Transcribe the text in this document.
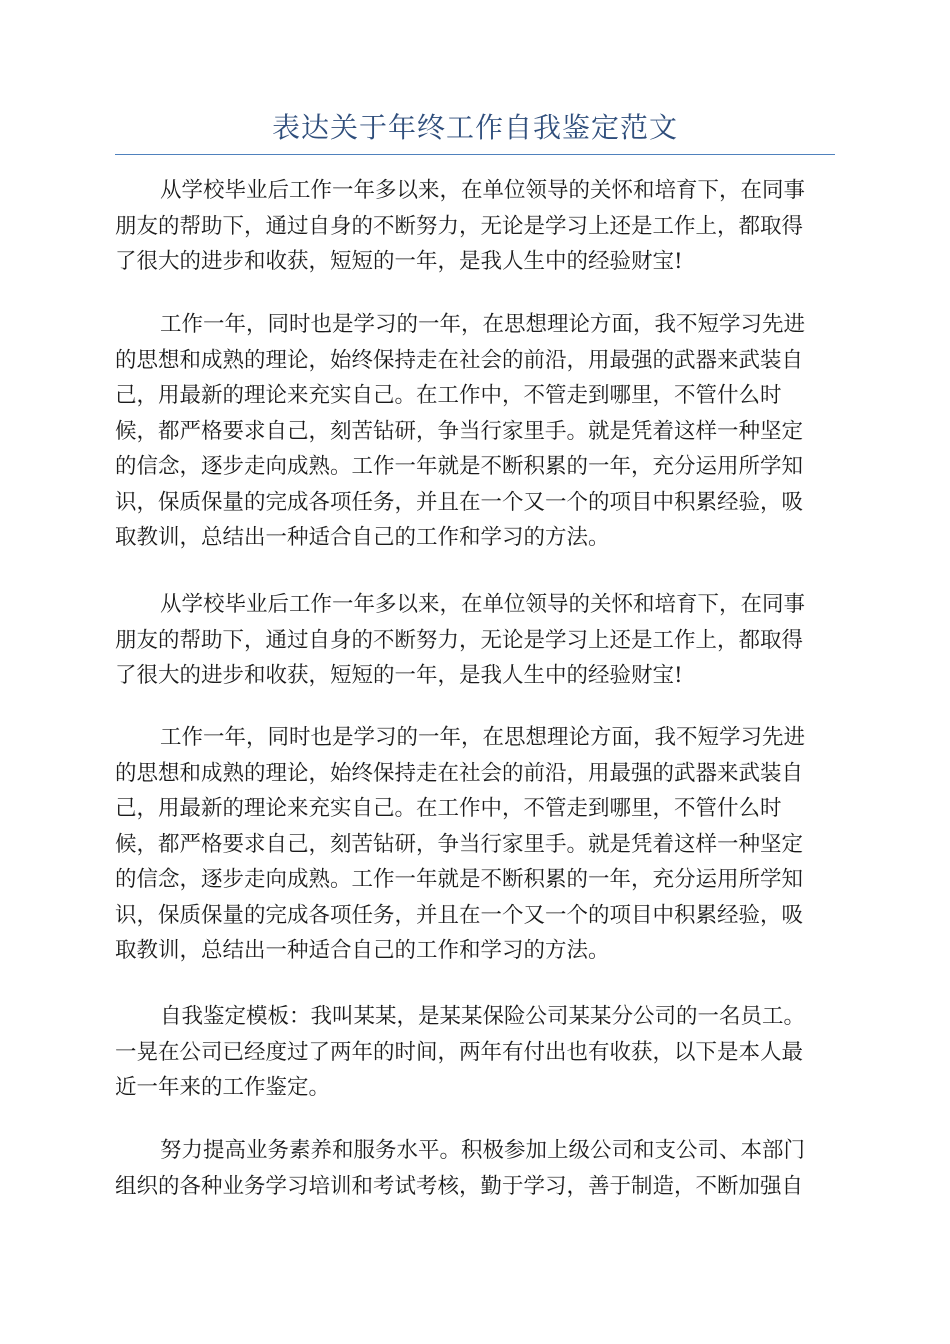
表达关于年终工作自我鉴定范文

从学校毕业后工作一年多以来，在单位领导的关怀和培育下，在同事
朋友的帮助下，通过自身的不断努力，无论是学习上还是工作上，都取得
了很大的进步和收获，短短的一年，是我人生中的经验财宝!

工作一年，同时也是学习的一年，在思想理论方面，我不短学习先进
的思想和成熟的理论，始终保持走在社会的前沿，用最强的武器来武装自
己，用最新的理论来充实自己。在工作中，不管走到哪里，不管什么时
候，都严格要求自己，刻苦钻研，争当行家里手。就是凭着这样一种坚定
的信念，逐步走向成熟。工作一年就是不断积累的一年，充分运用所学知
识，保质保量的完成各项任务，并且在一个又一个的项目中积累经验，吸
取教训，总结出一种适合自己的工作和学习的方法。

从学校毕业后工作一年多以来，在单位领导的关怀和培育下，在同事
朋友的帮助下，通过自身的不断努力，无论是学习上还是工作上，都取得
了很大的进步和收获，短短的一年，是我人生中的经验财宝!

工作一年，同时也是学习的一年，在思想理论方面，我不短学习先进
的思想和成熟的理论，始终保持走在社会的前沿，用最强的武器来武装自
己，用最新的理论来充实自己。在工作中，不管走到哪里，不管什么时
候，都严格要求自己，刻苦钻研，争当行家里手。就是凭着这样一种坚定
的信念，逐步走向成熟。工作一年就是不断积累的一年，充分运用所学知
识，保质保量的完成各项任务，并且在一个又一个的项目中积累经验，吸
取教训，总结出一种适合自己的工作和学习的方法。

自我鉴定模板：我叫某某，是某某保险公司某某分公司的一名员工。
一晃在公司已经度过了两年的时间，两年有付出也有收获，以下是本人最
近一年来的工作鉴定。

努力提高业务素养和服务水平。积极参加上级公司和支公司、本部门
组织的各种业务学习培训和考试考核，勤于学习，善于制造，不断加强自
